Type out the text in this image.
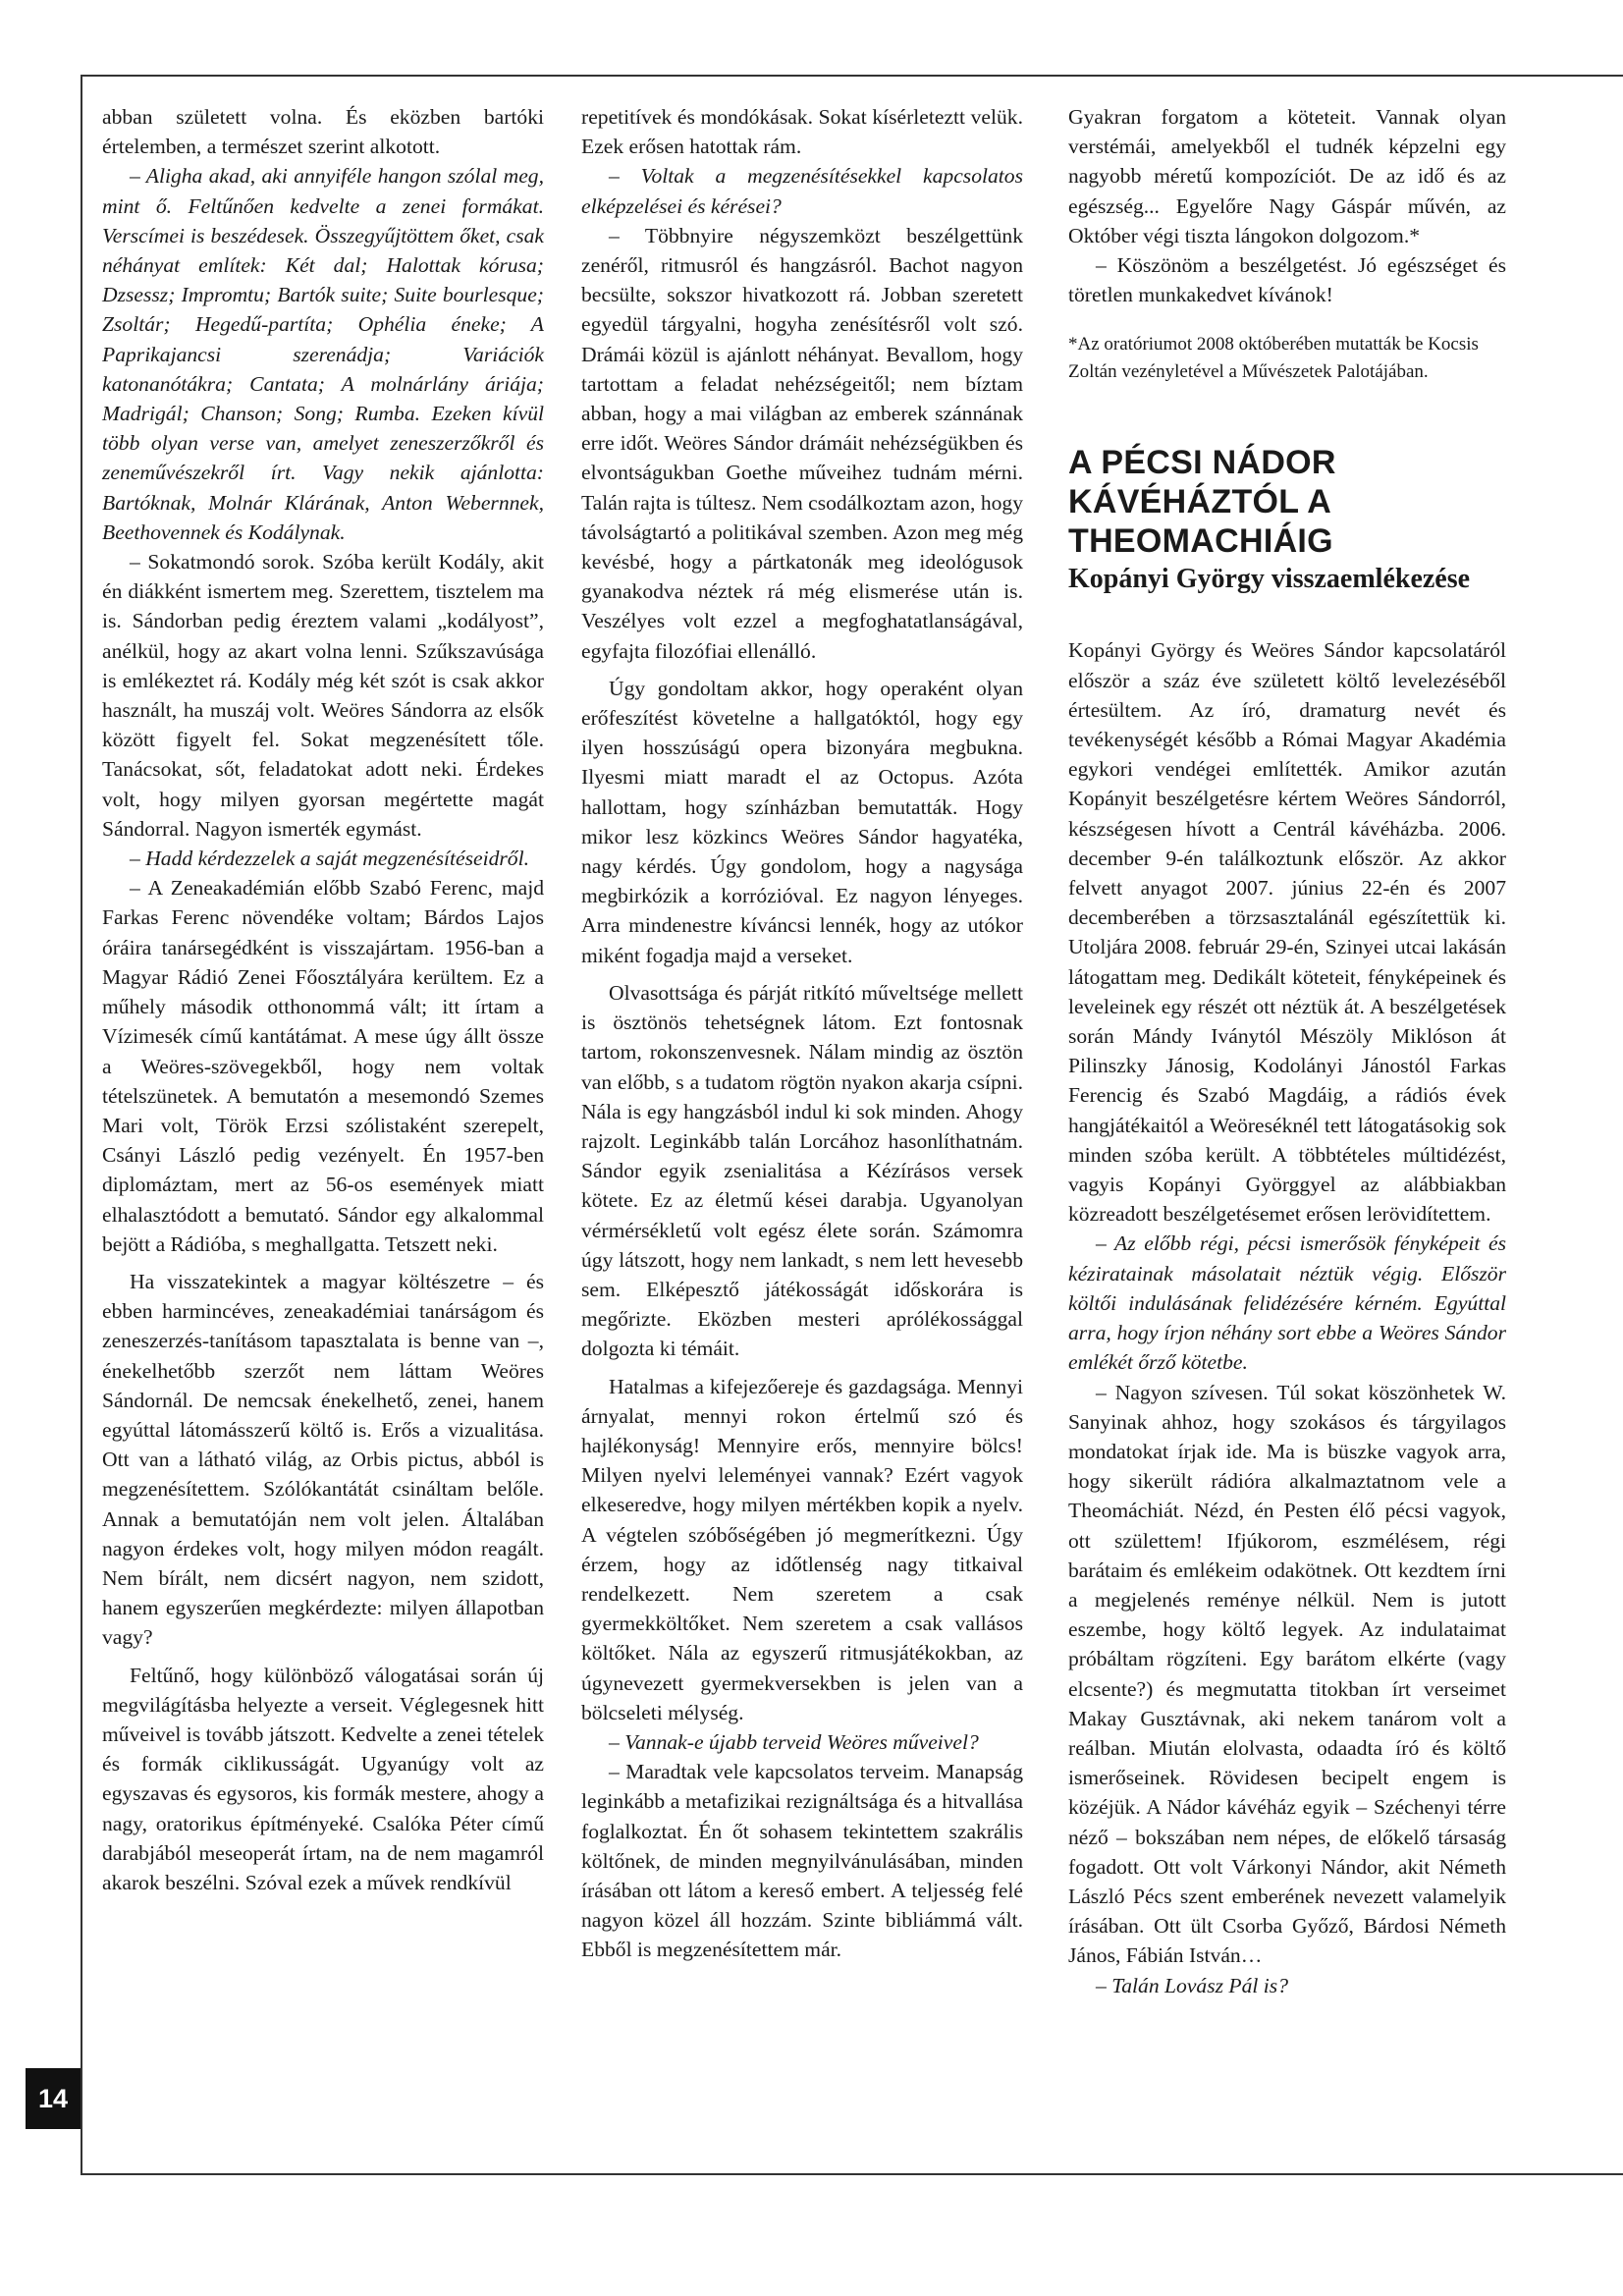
14

abban született volna. És eközben bartóki értelemben, a természet szerint alkotott.

– Aligha akad, aki annyiféle hangon szólal meg, mint ő. Feltűnően kedvelte a zenei formákat. Verscímei is beszédesek. Összegyűjtöttem őket, csak néhányat említek: Két dal; Halottak kórusa; Dzsessz; Impromtu; Bartók suite; Suite bourlesque; Zsoltár; Hegedű-partíta; Ophélia éneke; A Paprikajancsi szerenádja; Variációk katonanótákra; Cantata; A molnárlány áriája; Madrigál; Chanson; Song; Rumba. Ezeken kívül több olyan verse van, amelyet zeneszerzőkről és zeneművészekről írt. Vagy nekik ajánlotta: Bartóknak, Molnár Klárának, Anton Webernnek, Beethovennek és Kodálynak.

– Sokatmondó sorok. Szóba került Kodály, akit én diákként ismertem meg. Szerettem, tisztelem ma is. Sándorban pedig éreztem valami „kodályost”, anélkül, hogy az akart volna lenni. Szűkszavúsága is emlékeztet rá. Kodály még két szót is csak akkor használt, ha muszáj volt. Weöres Sándorra az elsők között figyelt fel. Sokat megzenésített tőle. Tanácsokat, sőt, feladatokat adott neki. Érdekes volt, hogy milyen gyorsan megértette magát Sándorral. Nagyon ismerték egymást.

– Hadd kérdezzelek a saját megzenésítéseidről.

– A Zeneakadémián előbb Szabó Ferenc, majd Farkas Ferenc növendéke voltam; Bárdos Lajos óráira tanársegédként is visszajártam. 1956-ban a Magyar Rádió Zenei Főosztályára kerültem. Ez a műhely második otthonommá vált; itt írtam a Vízimesék című kantátámat. A mese úgy állt össze a Weöres-szövegekből, hogy nem voltak tételszünetek. A bemutatón a mesemondó Szemes Mari volt, Török Erzsi szólistaként szerepelt, Csányi László pedig vezényelt. Én 1957-ben diplomáztam, mert az 56-os események miatt elhalasztódott a bemutató. Sándor egy alkalommal bejött a Rádióba, s meghallgatta. Tetszett neki.

Ha visszatekintek a magyar költészetre – és ebben harmincéves, zeneakadémiai tanárságom és zeneszerzés-tanításom tapasztalata is benne van –, énekelhetőbb szerzőt nem láttam Weöres Sándornál. De nemcsak énekelhető, zenei, hanem egyúttal látomásszerű költő is. Erős a vizualitása. Ott van a látható világ, az Orbis pictus, abból is megzenésítettem. Szólókantátát csináltam belőle. Annak a bemutatóján nem volt jelen. Általában nagyon érdekes volt, hogy milyen módon reagált. Nem bírált, nem dicsért nagyon, nem szidott, hanem egyszerűen megkérdezte: milyen állapotban vagy?

Feltűnő, hogy különböző válogatásai során új megvilágításba helyezte a verseit. Véglegesnek hitt műveivel is tovább játszott. Kedvelte a zenei tételek és formák ciklikusságát. Ugyanúgy volt az egyszavas és egysoros, kis formák mestere, ahogy a nagy, oratorikus építményeké. Csalóka Péter című darabjából meseoperát írtam, na de nem magamról akarok beszélni. Szóval ezek a művek rendkívül

repetitívek és mondókásak. Sokat kísérleteztt velük. Ezek erősen hatottak rám.

– Voltak a megzenésítésekkel kapcsolatos elképzelései és kérései?

– Többnyire négyszemközt beszélgettünk zenéről, ritmusról és hangzásról. Bachot nagyon becsülte, sokszor hivatkozott rá. Jobban szeretett egyedül tárgyalni, hogyha zenésítésről volt szó. Drámái közül is ajánlott néhányat. Bevallom, hogy tartottam a feladat nehézségeitől; nem bíztam abban, hogy a mai világban az emberek szánnának erre időt. Weöres Sándor drámáit nehézségükben és elvontságukban Goethe műveihez tudnám mérni. Talán rajta is túltesz. Nem csodálkoztam azon, hogy távolságtartó a politikával szemben. Azon meg még kevésbé, hogy a pártkatonák meg ideológusok gyanakodva néztek rá még elismerése után is. Veszélyes volt ezzel a megfoghatatlanságával, egyfajta filozófiai ellenálló.

Úgy gondoltam akkor, hogy operaként olyan erőfeszítést követelne a hallgatóktól, hogy egy ilyen hosszúságú opera bizonyára megbukna. Ilyesmi miatt maradt el az Octopus. Azóta hallottam, hogy színházban bemutatták. Hogy mikor lesz közkincs Weöres Sándor hagyatéka, nagy kérdés. Úgy gondolom, hogy a nagysága megbirkózik a korrózióval. Ez nagyon lényeges. Arra mindenestre kíváncsi lennék, hogy az utókor miként fogadja majd a verseket.

Olvasottsága és párját ritkító műveltsége mellett is ösztönös tehetségnek látom. Ezt fontosnak tartom, rokonszenvesnek. Nálam mindig az ösztön van előbb, s a tudatom rögtön nyakon akarja csípni. Nála is egy hangzásból indul ki sok minden. Ahogy rajzolt. Leginkább talán Lorcához hasonlíthatnám. Sándor egyik zsenialitása a Kézírásos versek kötete. Ez az életmű kései darabja. Ugyanolyan vérmérsékletű volt egész élete során. Számomra úgy látszott, hogy nem lankadt, s nem lett hevesebb sem. Elképesztő játékosságát időskorára is megőrizte. Eközben mesteri aprólékossággal dolgozta ki témáit.

Hatalmas a kifejezőereje és gazdagsága. Mennyi árnyalat, mennyi rokon értelmű szó és hajlékonyság! Mennyire erős, mennyire bölcs! Milyen nyelvi leleményei vannak? Ezért vagyok elkeseredve, hogy milyen mértékben kopik a nyelv. A végtelen szóbőségében jó megmerítkezni. Úgy érzem, hogy az időtlenség nagy titkaival rendelkezett. Nem szeretem a csak gyermekköltőket. Nem szeretem a csak vallásos költőket. Nála az egyszerű ritmusjátékokban, az úgynevezett gyermekversekben is jelen van a bölcseleti mélység.

– Vannak-e újabb terveid Weöres műveivel?

– Maradtak vele kapcsolatos terveim. Manapság leginkább a metafizikai rezignáltsága és a hitvallása foglalkoztat. Én őt sohasem tekintettem szakrális költőnek, de minden megnyilvánulásában, minden írásában ott látom a kereső embert. A teljesség felé nagyon közel áll hozzám. Szinte bibliámmá vált. Ebből is megzenésítettem már.

Gyakran forgatom a köteteit. Vannak olyan verstémái, amelyekből el tudnék képzelni egy nagyobb méretű kompozíciót. De az idő és az egészség... Egyelőre Nagy Gáspár művén, az Október végi tiszta lángokon dolgozom.*

– Köszönöm a beszélgetést. Jó egészséget és töretlen munkakedvet kívánok!

*Az oratóriumot 2008 októberében mutatták be Kocsis Zoltán vezényletével a Művészetek Palotájában.

A PÉCSI NÁDOR KÁVÉHÁZTÓL A THEOMACHIÁIG
Kopányi György visszaemlékezése

Kopányi György és Weöres Sándor kapcsolatáról először a száz éve született költő levelezéséből értesültem. Az író, dramaturg nevét és tevékenységét később a Római Magyar Akadémia egykori vendégei említették. Amikor azután Kopányit beszélgetésre kértem Weöres Sándorról, készségesen hívott a Centrál kávéházba. 2006. december 9-én találkoztunk először. Az akkor felvett anyagot 2007. június 22-én és 2007 decemberében a törzsasztalánál egészítettük ki. Utoljára 2008. február 29-én, Szinyei utcai lakásán látogattam meg. Dedikált köteteit, fényképeinek és leveleinek egy részét ott néztük át. A beszélgetések során Mándy Iványtól Mészöly Miklóson át Pilinszky Jánosig, Kodolányi Jánostól Farkas Ferencig és Szabó Magdáig, a rádiós évek hangjátékaitól a Weöreséknél tett látogatásokig sok minden szóba került. A többtételes múltidézést, vagyis Kopányi Györggyel az alábbiakban közreadott beszélgetésemet erősen lerövidítettem.

– Az előbb régi, pécsi ismerősök fényképeit és kéziratainak másolatait néztük végig. Először költői indulásának felidézésére kérném. Egyúttal arra, hogy írjon néhány sort ebbe a Weöres Sándor emlékét őrző kötetbe.

– Nagyon szívesen. Túl sokat köszönhetek W. Sanyinak ahhoz, hogy szokásos és tárgyilagos mondatokat írjak ide. Ma is büszke vagyok arra, hogy sikerült rádióra alkalmaztatnom vele a Theomáchiát. Nézd, én Pesten élő pécsi vagyok, ott születtem! Ifjúkorom, eszmélésem, régi barátaim és emlékeim odakötnek. Ott kezdtem írni a megjelenés reménye nélkül. Nem is jutott eszembe, hogy költő legyek. Az indulataimat próbáltam rögzíteni. Egy barátom elkérte (vagy elcsente?) és megmutatta titokban írt verseimet Makay Gusztávnak, aki nekem tanárom volt a reálban. Miután elolvasta, odaadta író és költő ismerőseinek. Rövidesen becipelt engem is közéjük. A Nádor kávéház egyik – Széchenyi térre néző – bokszában nem népes, de előkelő társaság fogadott. Ott volt Várkonyi Nándor, akit Németh László Pécs szent emberének nevezett valamelyik írásában. Ott ült Csorba Győző, Bárdosi Németh János, Fábián István…

– Talán Lovász Pál is?
